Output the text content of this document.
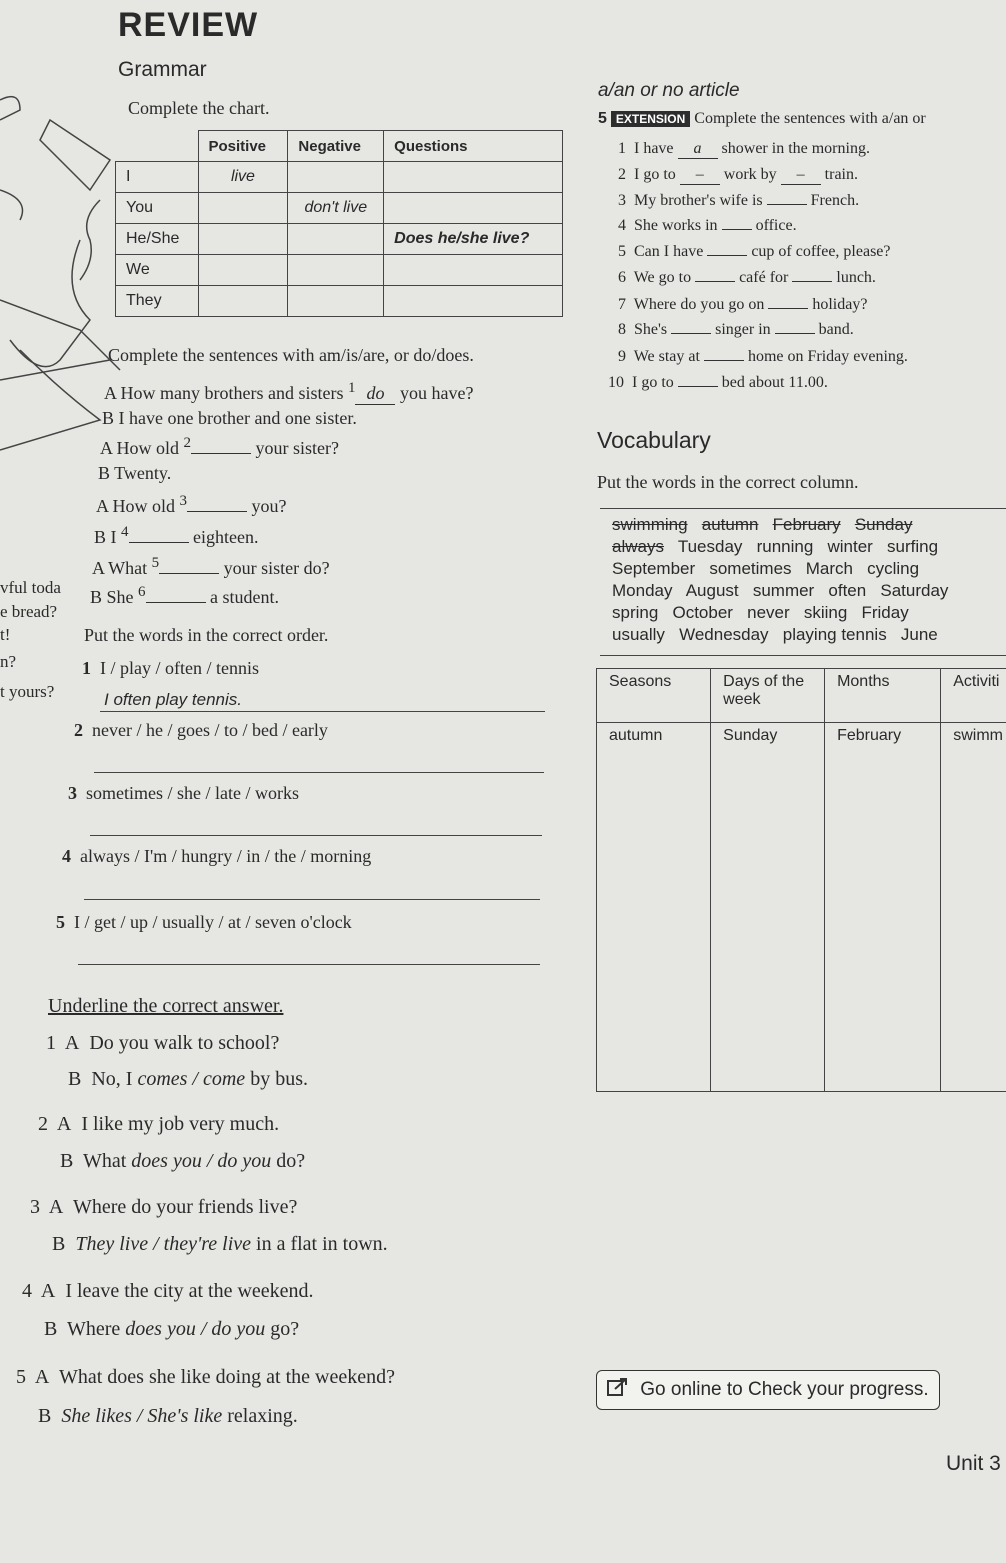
REVIEW
Grammar
Complete the chart.
	Positive	Negative	Questions
I	live		
You		don't live	
He/She			Does he/she live?
We			
They			
Complete the sentences with am/is/are, or do/does.
A How many brothers and sisters $^1$ do you have?
B I have one brother and one sister.
A How old $^2$	your sister?
B Twenty.
A How old $^3$	you?
B I $^4$	eighteen.
A What $^5$	your sister do?
B She $^6$	a student.
vful toda
e bread?
t!
n?
t yours?
Put the words in the correct order.
1 I / play / often / tennis
I often play tennis.
2 never / he / goes / to / bed / early
3 sometimes / she / late / works
4 always / I'm / hungry / in / the / morning
5 I / get / up / usually / at / seven o'clock
Underline the correct answer.
1  A  Do you walk to school?
B  No, I comes / come by bus.
2  A  I like my job very much.
B  What does you / do you do?
3  A  Where do your friends live?
B  They live / they're live in a flat in town.
4  A  I leave the city at the weekend.
B  Where does you / do you go?
5  A  What does she like doing at the weekend?
B  She likes / She's like relaxing.
a/an or no article
5 EXTENSION Complete the sentences with a/an or
1  I have a shower in the morning.
2  I go to – work by – train.
3  My brother's wife is	French.
4  She works in  office.
5  Can I have	cup of coffee, please?
6  We go to	café for	lunch.
7  Where do you go on	holiday?
8  She's	singer in	band.
9  We stay at	home on Friday evening.
10  I go to	bed about 11.00.
Vocabulary
Put the words in the correct column.
swimming autumn February Sunday
always Tuesday running winter surfing
September sometimes March cycling
Monday August summer often Saturday
spring October never skiing Friday
usually Wednesday playing tennis June
Seasons	Days of the week	Months	Activiti
autumn	Sunday	February	swimm
Go online to Check your progress.
Unit 3
